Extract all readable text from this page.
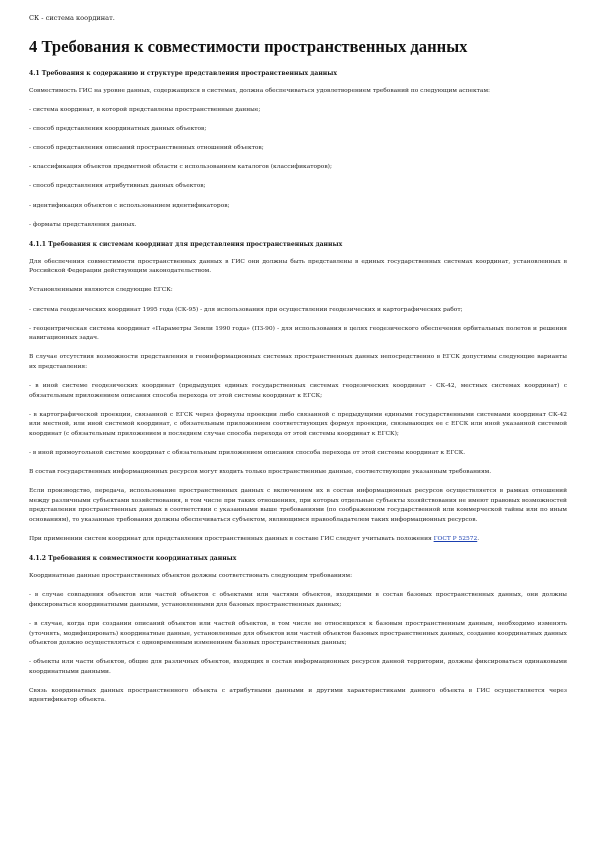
СК - система координат.
4 Требования к совместимости пространственных данных
4.1 Требования к содержанию и структуре представления пространственных данных

Совместимость ГИС на уровне данных, содержащихся в системах, должна обеспечиваться удовлетворением требований по следующим аспектам:

- система координат, в которой представлены пространственные данные;

- способ представления координатных данных объектов;

- способ представления описаний пространственных отношений объектов;

- классификация объектов предметной области с использованием каталогов (классификаторов);

- способ представления атрибутивных данных объектов;

- идентификация объектов с использованием идентификаторов;

- форматы представления данных.

4.1.1 Требования к системам координат для представления пространственных данных

Для обеспечения совместимости пространственных данных в ГИС они должны быть представлены в единых государственных системах координат, установленных в Российской Федерации действующим законодательством.

Установленными являются следующие ЕГСК:

- система геодезических координат 1995 года (СК-95) - для использования при осуществлении геодезических и картографических работ;

- геоцентрическая система координат «Параметры Земли 1990 года» (ПЗ-90) - для использования в целях геодезического обеспечения орбитальных полетов и решения навигационных задач.

В случае отсутствия возможности представления в геоинформационных системах пространственных данных непосредственно в ЕГСК допустимы следующие варианты их представления:

- в иной системе геодезических координат (предыдущих единых государственных системах геодезических координат - СК-42, местных системах координат) с обязательным приложением описания способа перехода от этой системы координат к ЕГСК;

- в картографической проекции, связанной с ЕГСК через формулы проекции либо связанной с предыдущими едиными государственными системами координат СК-42 или местной, или иной системой координат, с обязательным приложением соответствующих формул проекции, связывающих ее с ЕГСК или иной указанной системой координат (с обязательным приложением в последнем случае способа перехода от этой системы координат к ЕГСК);

- в иной прямоугольной системе координат с обязательным приложением описания способа перехода от этой системы координат к ЕГСК.

В состав государственных информационных ресурсов могут входить только пространственные данные, соответствующие указанным требованиям.

Если производство, передача, использование пространственных данных с включением их в состав информационных ресурсов осуществляется в рамках отношений между различными субъектами хозяйствования, в том числе при таких отношениях, при которых отдельные субъекты хозяйствования не имеют правовых возможностей представления пространственных данных в соответствии с указанными выше требованиями (по соображениям государственной или коммерческой тайны или по иным основаниям), то указанные требования должны обеспечиваться субъектом, являющимся правообладателем таких информационных ресурсов.

При применении систем координат для представления пространственных данных в составе ГИС следует учитывать положения ГОСТ Р 52572.

4.1.2 Требования к совместимости координатных данных

Координатные данные пространственных объектов должны соответствовать следующим требованиям:

- в случае совпадения объектов или частей объектов с объектами или частями объектов, входящими в состав базовых пространственных данных, они должны фиксироваться координатными данными, установленными для базовых пространственных данных;

- в случае, когда при создании описаний объектов или частей объектов, в том числе не относящихся к базовым пространственным данным, необходимо изменять (уточнять, модифицировать) координатные данные, установленные для объектов или частей объектов базовых пространственных данных, создание координатных данных объектов должно осуществляться с одновременным изменением базовых пространственных данных;

- объекты или части объектов, общие для различных объектов, входящих в состав информационных ресурсов данной территории, должны фиксироваться одинаковыми координатными данными.

Связь координатных данных пространственного объекта с атрибутными данными и другими характеристиками данного объекта в ГИС осуществляется через идентификатор объекта.
